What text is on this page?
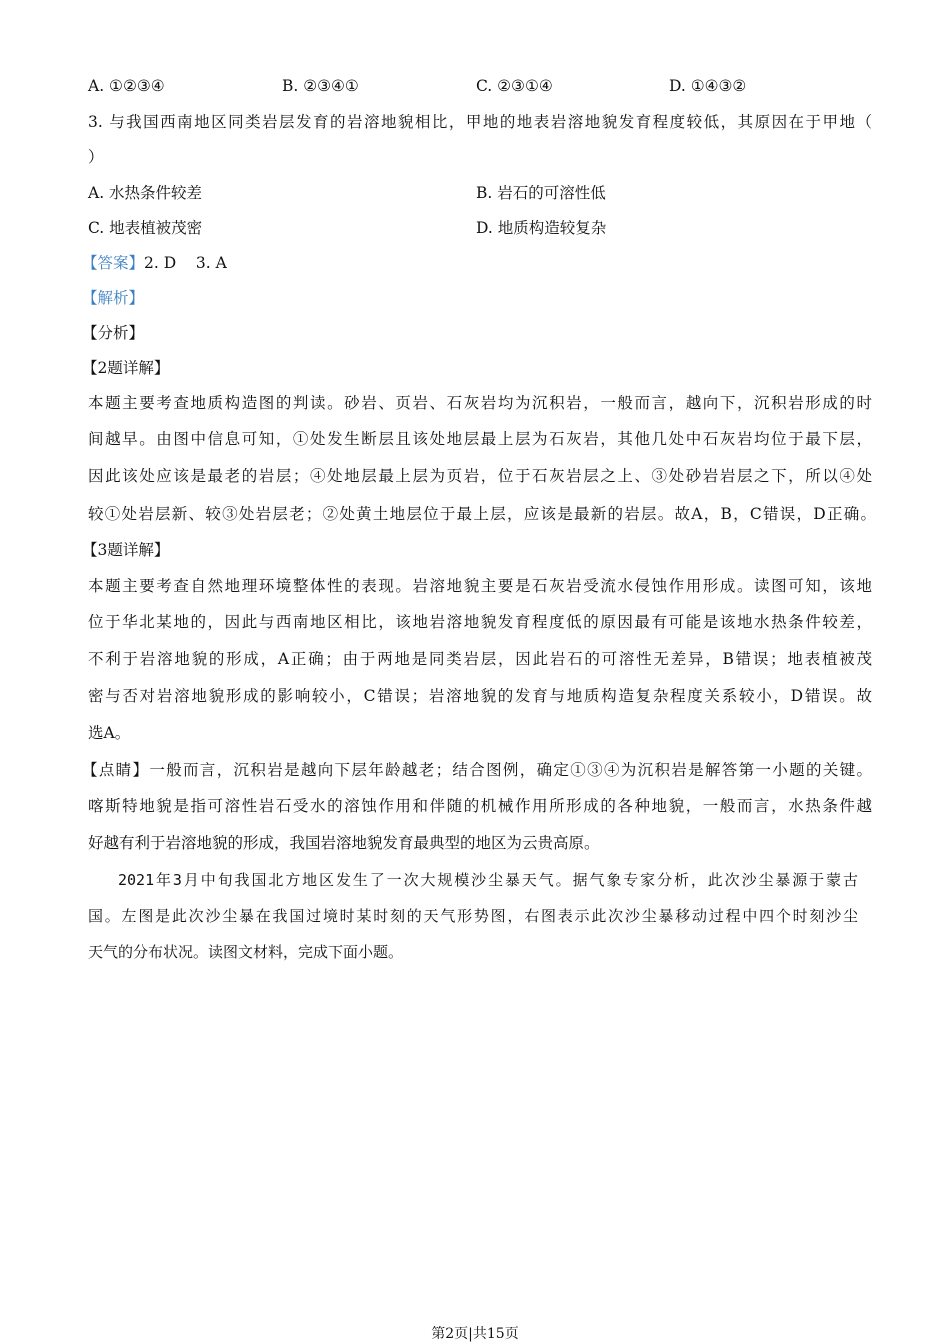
A. ①②③④	B. ②③④①	C. ②③①④	D. ①④③②
3. 与我国西南地区同类岩层发育的岩溶地貌相比，甲地的地表岩溶地貌发育程度较低，其原因在于甲地（
）
A. 水热条件较差	B. 岩石的可溶性低
C. 地表植被茂密	D. 地质构造较复杂
【答案】2. D    3. A
【解析】
【分析】
【2题详解】
本题主要考查地质构造图的判读。砂岩、页岩、石灰岩均为沉积岩，一般而言，越向下，沉积岩形成的时
间越早。由图中信息可知，①处发生断层且该处地层最上层为石灰岩，其他几处中石灰岩均位于最下层，
因此该处应该是最老的岩层；④处地层最上层为页岩，位于石灰岩层之上、③处砂岩岩层之下，所以④处
较①处岩层新、较③处岩层老；②处黄土地层位于最上层，应该是最新的岩层。故A，B，C错误，D正确。
【3题详解】
本题主要考查自然地理环境整体性的表现。岩溶地貌主要是石灰岩受流水侵蚀作用形成。读图可知，该地
位于华北某地的，因此与西南地区相比，该地岩溶地貌发育程度低的原因最有可能是该地水热条件较差，
不利于岩溶地貌的形成，A正确；由于两地是同类岩层，因此岩石的可溶性无差异，B错误；地表植被茂
密与否对岩溶地貌形成的影响较小，C错误；岩溶地貌的发育与地质构造复杂程度关系较小，D错误。故
选A。
【点睛】一般而言，沉积岩是越向下层年龄越老；结合图例，确定①③④为沉积岩是解答第一小题的关键。
喀斯特地貌是指可溶性岩石受水的溶蚀作用和伴随的机械作用所形成的各种地貌，一般而言，水热条件越
好越有利于岩溶地貌的形成，我国岩溶地貌发育最典型的地区为云贵高原。
2021年3月中旬我国北方地区发生了一次大规模沙尘暴天气。据气象专家分析，此次沙尘暴源于蒙古
国。左图是此次沙尘暴在我国过境时某时刻的天气形势图，右图表示此次沙尘暴移动过程中四个时刻沙尘
天气的分布状况。读图文材料，完成下面小题。
第2页|共15页
